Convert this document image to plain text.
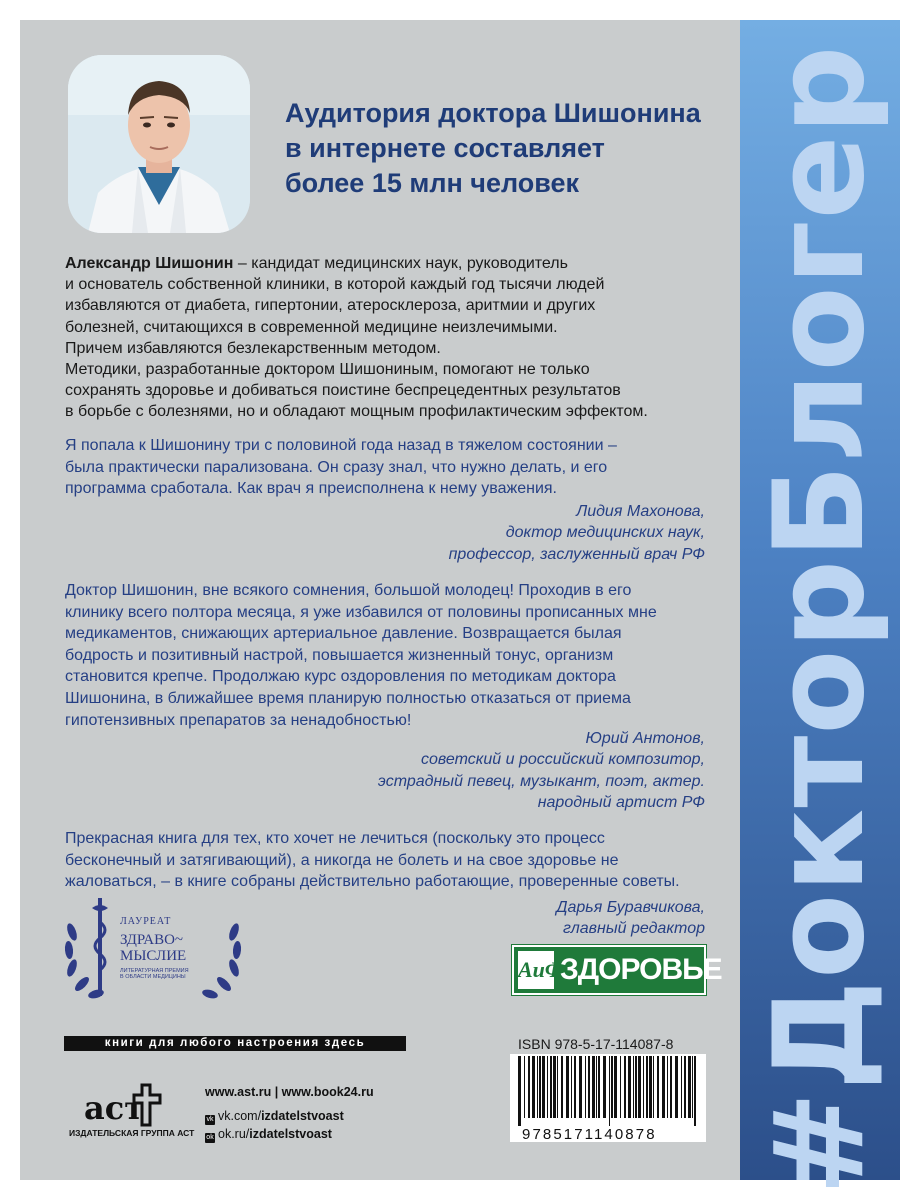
#ДокторБлогер
Аудитория доктора Шишонина
в интернете составляет
более 15 млн человек
Александр Шишонин – кандидат медицинских наук, руководитель
и основатель собственной клиники, в которой каждый год тысячи людей
избавляются от диабета, гипертонии, атеросклероза, аритмии и других
болезней, считающихся в современной медицине неизлечимыми.
Причем избавляются безлекарственным методом.
Методики, разработанные доктором Шишониным, помогают не только
сохранять здоровье и добиваться поистине беспрецедентных результатов
в борьбе с болезнями, но и обладают мощным профилактическим эффектом.
Я попала к Шишонину три с половиной года назад в тяжелом состоянии –
была практически парализована. Он сразу знал, что нужно делать, и его
программа сработала. Как врач я преисполнена к нему уважения.
Лидия Махонова,
доктор медицинских наук,
профессор, заслуженный врач РФ
Доктор Шишонин, вне всякого сомнения, большой молодец! Проходив в его
клинику всего полтора месяца, я уже избавился от половины прописанных мне
медикаментов, снижающих артериальное давление. Возвращается былая
бодрость и позитивный настрой, повышается жизненный тонус, организм
становится крепче. Продолжаю курс оздоровления по методикам доктора
Шишонина, в ближайшее время планирую полностью отказаться от приема
гипотензивных препаратов за ненадобностью!
Юрий Антонов,
советский и российский композитор,
эстрадный певец, музыкант, поэт, актер.
народный артист РФ
Прекрасная книга для тех, кто хочет не лечиться (поскольку это процесс
бесконечный и затягивающий), а никогда не болеть и на свое здоровье не
жаловаться, – в книге собраны действительно работающие, проверенные советы.
Дарья Буравчикова,
главный редактор
ЛАУРЕАТ
ЗДРАВО~
МЫСЛИЕ
ЛИТЕРАТУРНАЯ ПРЕМИЯ
В ОБЛАСТИ МЕДИЦИНЫ	АиФ
ЗДОРОВЬЕ
книги для любого настроения здесь
аст
ИЗДАТЕЛЬСКАЯ ГРУППА АСТ
www.ast.ru | www.book24.ru
vk vk.com/izdatelstvoast
ok ok.ru/izdatelstvoast
ISBN 978-5-17-114087-8
9785171140878
